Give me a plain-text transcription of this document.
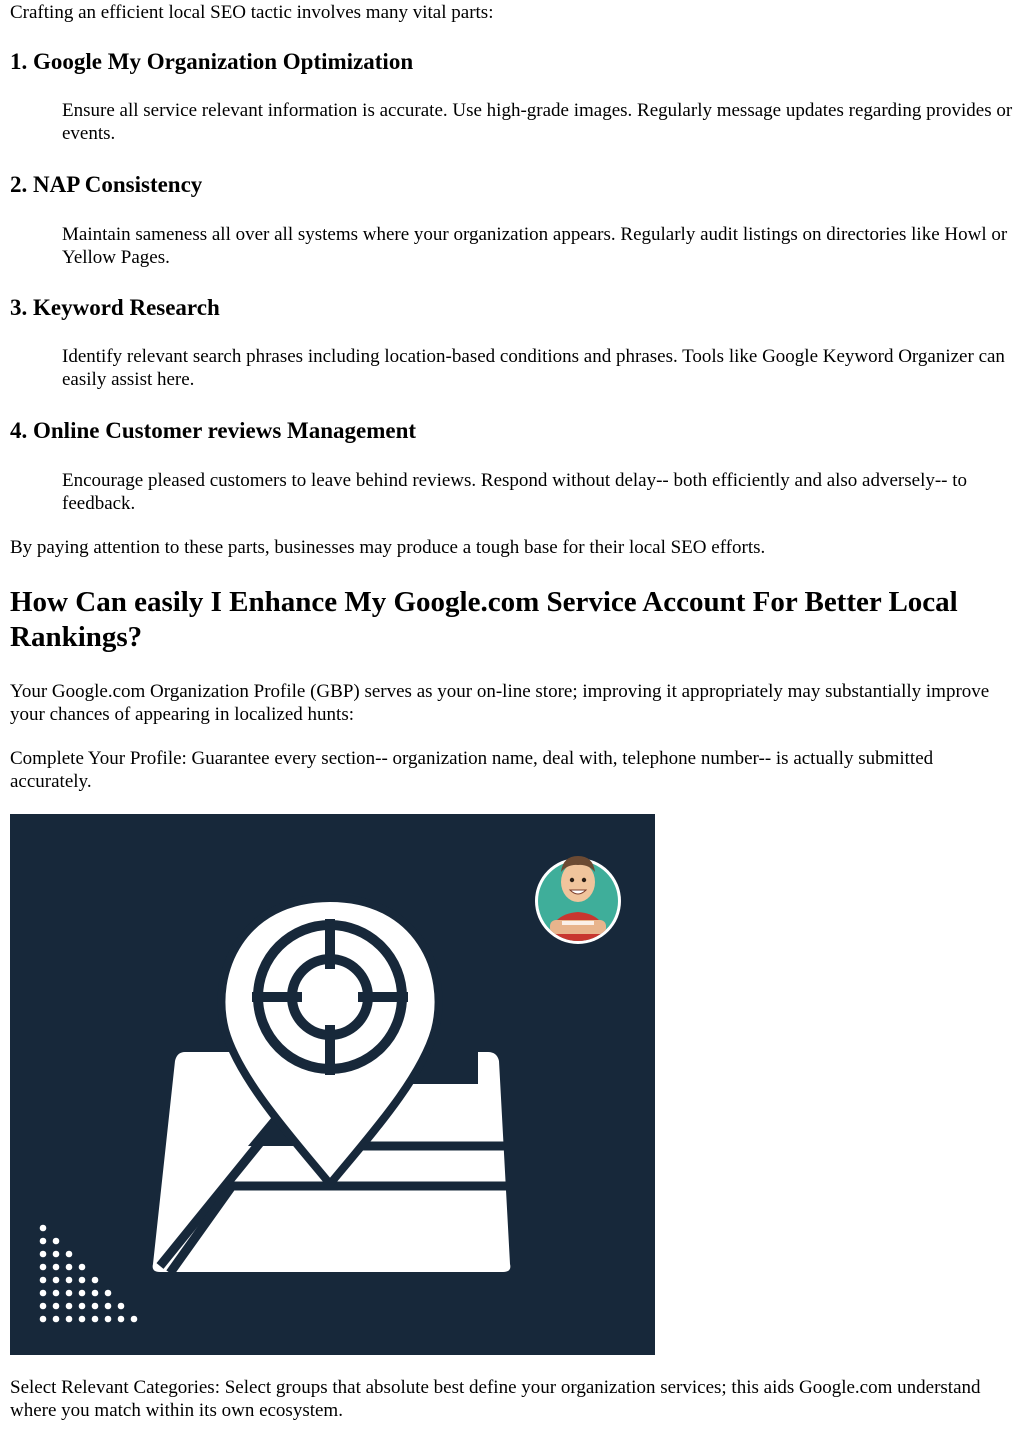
Crafting an efficient local SEO tactic involves many vital parts:

1. Google My Organization Optimization

Ensure all service relevant information is accurate. Use high-grade images. Regularly message updates regarding provides or events.

2. NAP Consistency

Maintain sameness all over all systems where your organization appears. Regularly audit listings on directories like Howl or Yellow Pages.

3. Keyword Research

Identify relevant search phrases including location-based conditions and phrases. Tools like Google Keyword Organizer can easily assist here.

4. Online Customer reviews Management

Encourage pleased customers to leave behind reviews. Respond without delay-- both efficiently and also adversely-- to feedback.

By paying attention to these parts, businesses may produce a tough base for their local SEO efforts.

How Can easily I Enhance My Google.com Service Account For Better Local Rankings?

Your Google.com Organization Profile (GBP) serves as your on-line store; improving it appropriately may substantially improve your chances of appearing in localized hunts:

Complete Your Profile: Guarantee every section-- organization name, deal with, telephone number-- is actually submitted accurately.

Select Relevant Categories: Select groups that absolute best define your organization services; this aids Google.com understand where you match within its own ecosystem.
